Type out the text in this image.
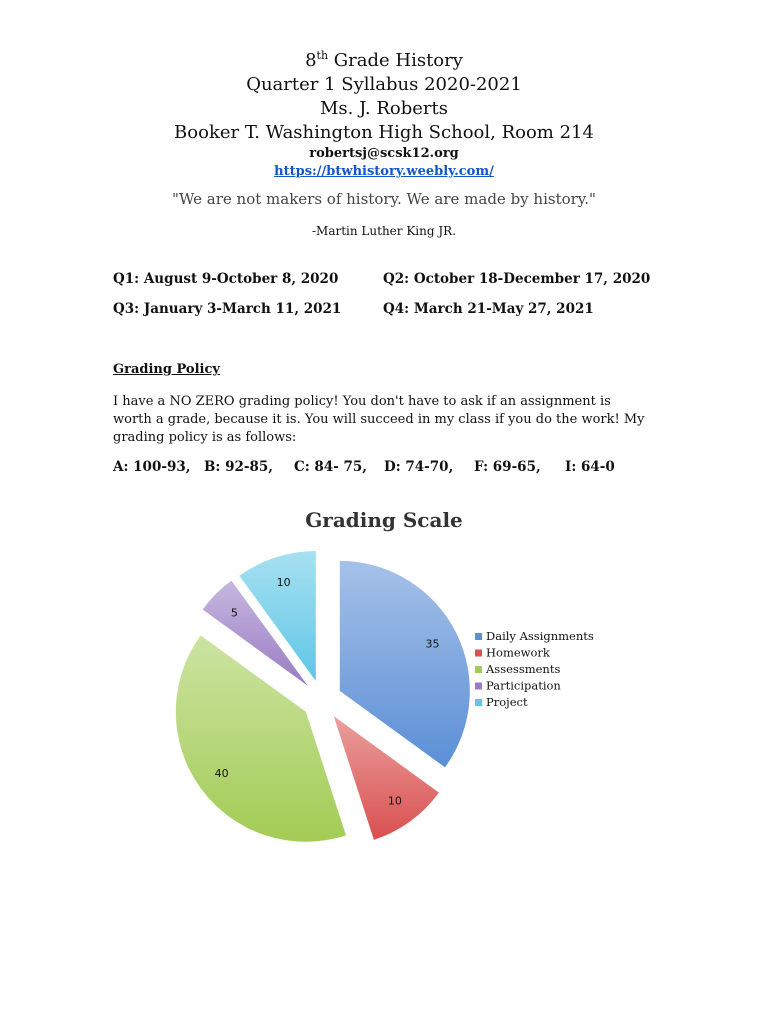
8th Grade History
Quarter 1 Syllabus 2020-2021
Ms. J. Roberts
Booker T. Washington High School, Room 214
robertsj@scsk12.org
https://btwhistory.weebly.com/
"We are not makers of history. We are made by history."
-Martin Luther King JR.
Q1: August 9-October 8, 2020	Q2: October 18-December 17, 2020
Q3: January 3-March 11, 2021	Q4: March 21-May 27, 2021
Grading Policy
I have a NO ZERO grading policy! You don't have to ask if an assignment is worth a grade, because it is. You will succeed in my class if you do the work! My grading policy is as follows:
A: 100-93, B: 92-85, C: 84- 75, D: 74-70, F: 69-65, I: 64-0
Grading Scale
35
10
40
5
10
Daily Assignments
Homework
Assessments
Participation
Project
